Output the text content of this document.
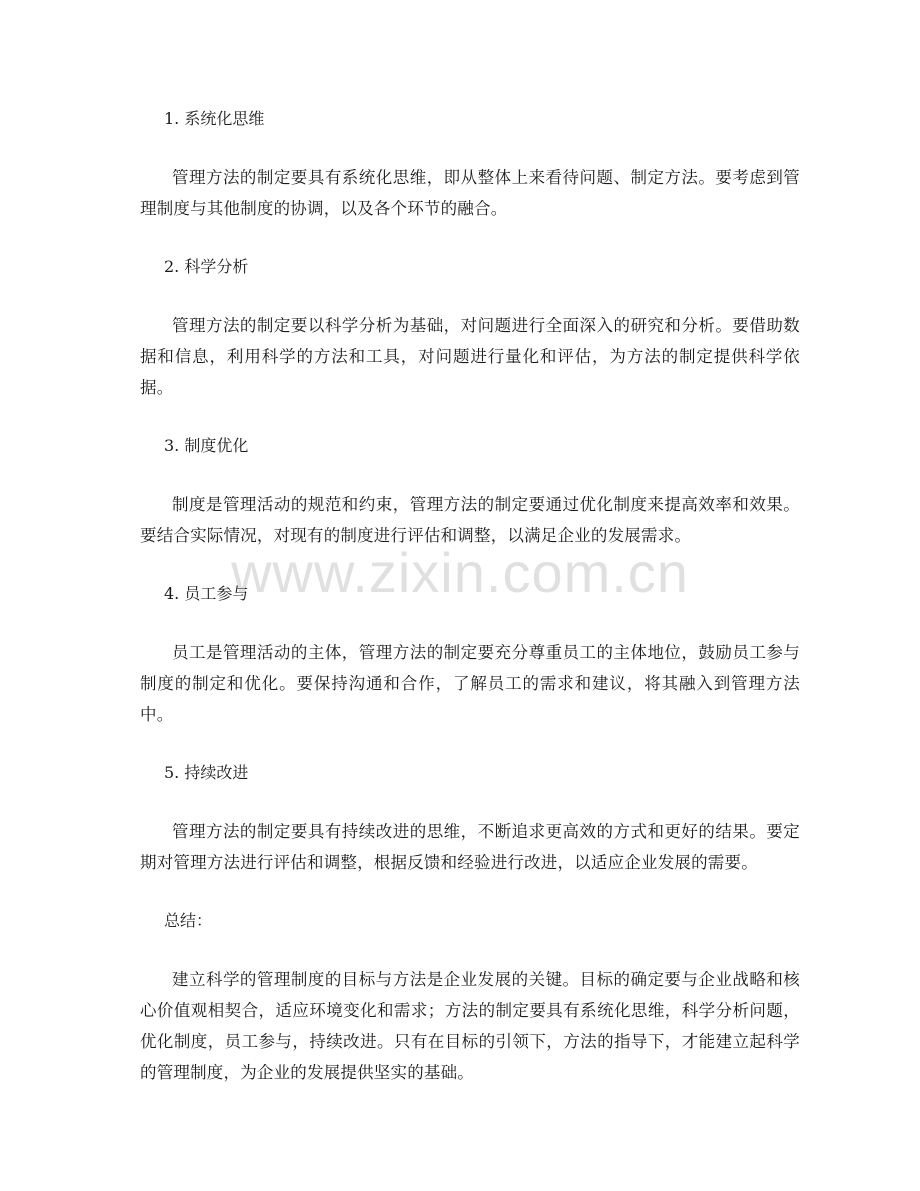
1. 系统化思维

管理方法的制定要具有系统化思维，即从整体上来看待问题、制定方法。要考虑到管理制度与其他制度的协调，以及各个环节的融合。

2. 科学分析

管理方法的制定要以科学分析为基础，对问题进行全面深入的研究和分析。要借助数据和信息，利用科学的方法和工具，对问题进行量化和评估，为方法的制定提供科学依据。

3. 制度优化

制度是管理活动的规范和约束，管理方法的制定要通过优化制度来提高效率和效果。要结合实际情况，对现有的制度进行评估和调整，以满足企业的发展需求。

4. 员工参与

员工是管理活动的主体，管理方法的制定要充分尊重员工的主体地位，鼓励员工参与制度的制定和优化。要保持沟通和合作，了解员工的需求和建议，将其融入到管理方法中。

5. 持续改进

管理方法的制定要具有持续改进的思维，不断追求更高效的方式和更好的结果。要定期对管理方法进行评估和调整，根据反馈和经验进行改进，以适应企业发展的需要。

总结：

建立科学的管理制度的目标与方法是企业发展的关键。目标的确定要与企业战略和核心价值观相契合，适应环境变化和需求；方法的制定要具有系统化思维，科学分析问题，优化制度，员工参与，持续改进。只有在目标的引领下，方法的指导下，才能建立起科学的管理制度，为企业的发展提供坚实的基础。

www.zixin.com.cn
